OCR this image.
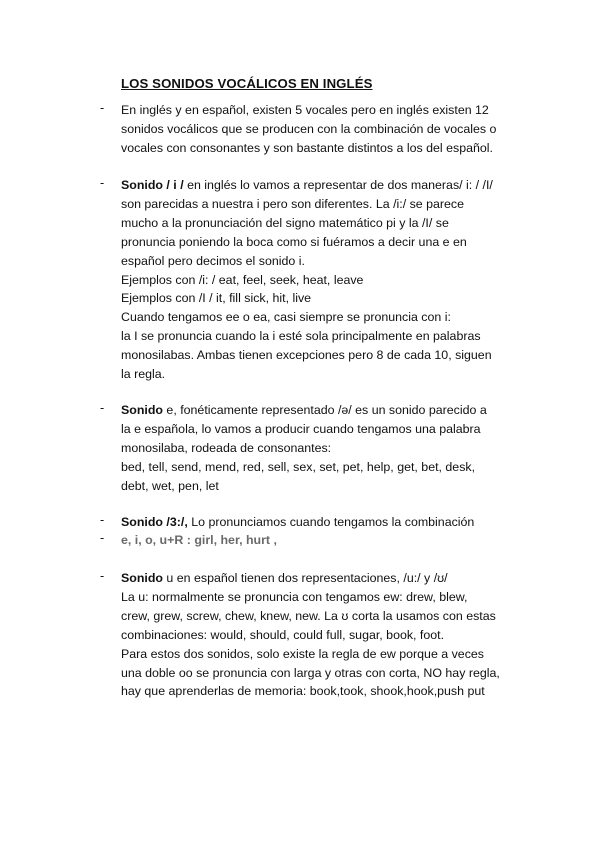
LOS SONIDOS VOCÁLICOS EN INGLÉS
- En inglés y en español, existen 5 vocales pero en inglés existen 12
sonidos vocálicos que se producen con la combinación de vocales o
vocales con consonantes y son bastante distintos a los del español.
- Sonido / i / en inglés lo vamos a representar de dos maneras/ i: / /I/
son parecidas a nuestra i pero son diferentes. La /i:/ se parece
mucho a la pronunciación del signo matemático pi y la /I/ se
pronuncia poniendo la boca como si fuéramos a decir una e en
español pero decimos el sonido i.
Ejemplos con /i: / eat, feel, seek, heat, leave
Ejemplos con /I / it, fill sick, hit, live
Cuando tengamos ee o ea, casi siempre se pronuncia con i:
la I se pronuncia cuando la i esté sola principalmente en palabras
monosilabas. Ambas tienen excepciones pero 8 de cada 10, siguen
la regla.
- Sonido e, fonéticamente representado /ə/ es un sonido parecido a
la e española, lo vamos a producir cuando tengamos una palabra
monosilaba, rodeada de consonantes:
bed, tell, send, mend, red, sell, sex, set, pet, help, get, bet, desk,
debt, wet, pen, let
- Sonido /3:/, Lo pronunciamos cuando tengamos la combinación
- e, i, o, u+R : girl, her, hurt ,
- Sonido u en español tienen dos representaciones, /u:/ y /ʊ/
La u: normalmente se pronuncia con tengamos ew: drew, blew,
crew, grew, screw, chew, knew, new. La ʊ corta la usamos con estas
combinaciones: would, should, could full, sugar, book, foot.
Para estos dos sonidos, solo existe la regla de ew porque a veces
una doble oo se pronuncia con larga y otras con corta, NO hay regla,
hay que aprenderlas de memoria: book,took, shook,hook,push put
